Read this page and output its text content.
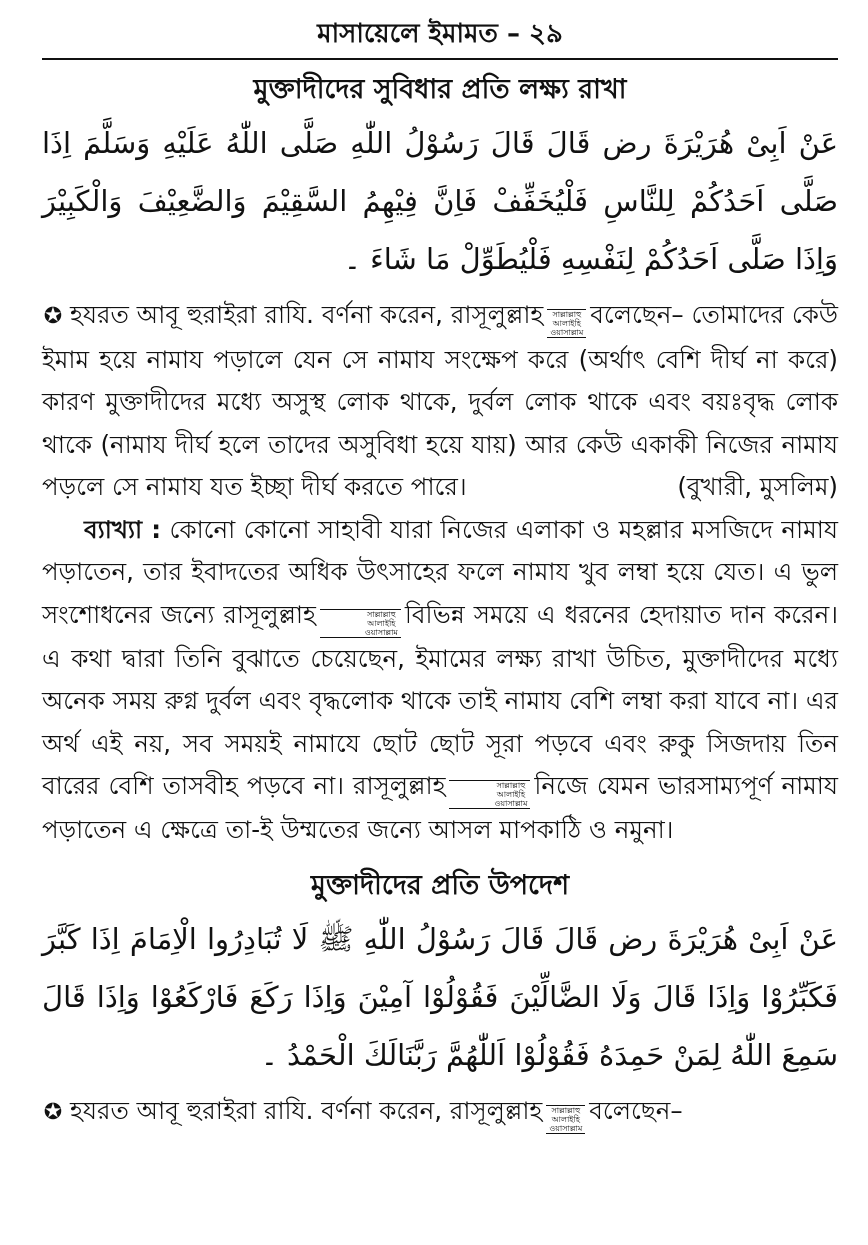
মাসায়েলে ইমামত – ২৯
মুক্তাদীদের সুবিধার প্রতি লক্ষ্য রাখা

عَنْ اَبِىْ هُرَيْرَةَ رض قَالَ قَالَ رَسُوْلُ اللّٰهِ صَلَّى اللّٰهُ عَلَيْهِ وَسَلَّمَ اِذَا صَلَّى اَحَدُكُمْ لِلنَّاسِ فَلْيُخَفِّفْ فَاِنَّ فِيْهِمُ السَّقِيْمَ وَالضَّعِيْفَ وَالْكَبِيْرَ وَاِذَا صَلَّى اَحَدُكُمْ لِنَفْسِهِ فَلْيُطَوِّلْ مَا شَاءَ ۔

✪ হযরত আবূ হুরাইরা রাযি. বর্ণনা করেন, রাসূলুল্লাহ সাল্লাল্লাহু
আলাইহি
ওয়াসাল্লাম
বলেছেন– তোমাদের কেউ ইমাম হয়ে নামায পড়ালে যেন সে নামায সংক্ষেপ করে (অর্থাৎ বেশি দীর্ঘ না করে) কারণ মুক্তাদীদের মধ্যে অসুস্থ লোক থাকে, দুর্বল লোক থাকে এবং বয়ঃবৃদ্ধ লোক থাকে (নামায দীর্ঘ হলে তাদের অসুবিধা হয়ে যায়) আর কেউ একাকী নিজের নামায পড়লে সে নামায যত ইচ্ছা দীর্ঘ করতে পারে।	(বুখারী, মুসলিম)

ব্যাখ্যা : কোনো কোনো সাহাবী যারা নিজের এলাকা ও মহল্লার মসজিদে নামায পড়াতেন, তার ইবাদতের অধিক উৎসাহের ফলে নামায খুব লম্বা হয়ে যেত। এ ভুল সংশোধনের জন্যে রাসূলুল্লাহ	সাল্লাল্লাহু
আলাইহি
ওয়াসাল্লাম
বিভিন্ন সময়ে এ ধরনের হেদায়াত দান করেন। এ কথা দ্বারা তিনি বুঝাতে চেয়েছেন, ইমামের লক্ষ্য রাখা উচিত, মুক্তাদীদের মধ্যে অনেক সময় রুগ্ন দুর্বল এবং বৃদ্ধলোক থাকে তাই নামায বেশি লম্বা করা যাবে না। এর অর্থ এই নয়, সব সময়ই নামাযে ছোট ছোট সূরা পড়বে এবং রুকু সিজদায় তিন বারের বেশি তাসবীহ পড়বে না। রাসূলুল্লাহ	সাল্লাল্লাহু
আলাইহি
ওয়াসাল্লাম
নিজে যেমন ভারসাম্যপূর্ণ নামায পড়াতেন এ ক্ষেত্রে তা-ই উম্মতের জন্যে আসল মাপকাঠি ও নমুনা।

মুক্তাদীদের প্রতি উপদেশ

عَنْ اَبِىْ هُرَيْرَةَ رض قَالَ قَالَ رَسُوْلُ اللّٰهِ ﷺ لَا تُبَادِرُوا الْاِمَامَ اِذَا كَبَّرَ فَكَبِّرُوْا وَاِذَا قَالَ وَلَا الضَّالِّيْنَ فَقُوْلُوْا آمِيْنَ وَاِذَا رَكَعَ فَارْكَعُوْا وَاِذَا قَالَ سَمِعَ اللّٰهُ لِمَنْ حَمِدَهُ فَقُوْلُوْا اَللّٰهُمَّ رَبَّنَالَكَ الْحَمْدُ ۔

✪ হযরত আবূ হুরাইরা রাযি. বর্ণনা করেন, রাসূলুল্লাহ সাল্লাল্লাহু
আলাইহি
ওয়াসাল্লাম
বলেছেন–
